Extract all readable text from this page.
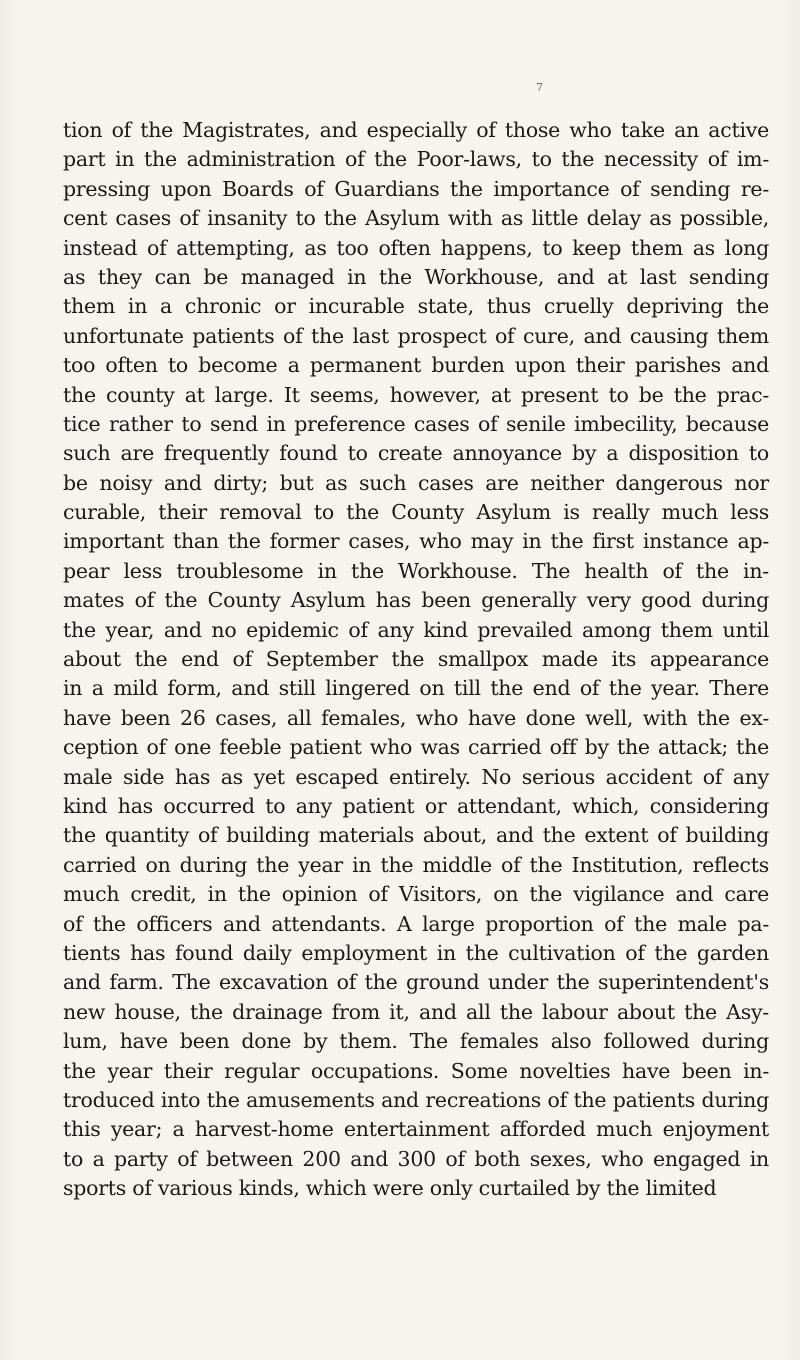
7
tion of the Magistrates, and especially of those who take an active
part in the administration of the Poor-laws, to the necessity of im-
pressing upon Boards of Guardians the importance of sending re-
cent cases of insanity to the Asylum with as little delay as possible,
instead of attempting, as too often happens, to keep them as long
as they can be managed in the Workhouse, and at last sending
them in a chronic or incurable state, thus cruelly depriving the
unfortunate patients of the last prospect of cure, and causing them
too often to become a permanent burden upon their parishes and
the county at large. It seems, however, at present to be the prac-
tice rather to send in preference cases of senile imbecility, because
such are frequently found to create annoyance by a disposition to
be noisy and dirty; but as such cases are neither dangerous nor
curable, their removal to the County Asylum is really much less
important than the former cases, who may in the first instance ap-
pear less troublesome in the Workhouse. The health of the in-
mates of the County Asylum has been generally very good during
the year, and no epidemic of any kind prevailed among them until
about the end of September the smallpox made its appearance
in a mild form, and still lingered on till the end of the year. There
have been 26 cases, all females, who have done well, with the ex-
ception of one feeble patient who was carried off by the attack; the
male side has as yet escaped entirely. No serious accident of any
kind has occurred to any patient or attendant, which, considering
the quantity of building materials about, and the extent of building
carried on during the year in the middle of the Institution, reflects
much credit, in the opinion of Visitors, on the vigilance and care
of the officers and attendants. A large proportion of the male pa-
tients has found daily employment in the cultivation of the garden
and farm. The excavation of the ground under the superintendent's
new house, the drainage from it, and all the labour about the Asy-
lum, have been done by them. The females also followed during
the year their regular occupations. Some novelties have been in-
troduced into the amusements and recreations of the patients during
this year; a harvest-home entertainment afforded much enjoyment
to a party of between 200 and 300 of both sexes, who engaged in
sports of various kinds, which were only curtailed by the limited
